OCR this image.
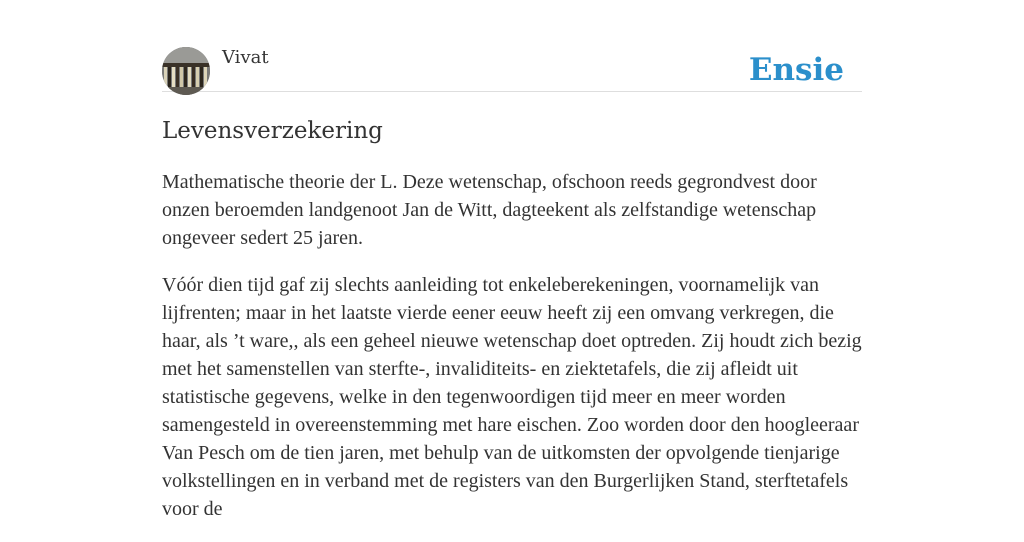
Vivat	Ensie
Levensverzekering

Mathematische theorie der L. Deze wetenschap, ofschoon reeds gegrondvest door onzen beroemden landgenoot Jan de Witt, dagteekent als zelfstandige wetenschap ongeveer sedert 25 jaren.

Vóór dien tijd gaf zij slechts aanleiding tot enkeleberekeningen, voornamelijk van lijfrenten; maar in het laatste vierde eener eeuw heeft zij een omvang verkregen, die haar, als ’t ware,, als een geheel nieuwe wetenschap doet optreden. Zij houdt zich bezig met het samenstellen van sterfte-, invaliditeits- en ziektetafels, die zij afleidt uit statistische gegevens, welke in den tegenwoordigen tijd meer en meer worden samengesteld in overeenstemming met hare eischen. Zoo worden door den hoogleeraar Van Pesch om de tien jaren, met behulp van de uitkomsten der opvolgende tienjarige volkstellingen en in verband met de registers van den Burgerlijken Stand, sterftetafels voor de
